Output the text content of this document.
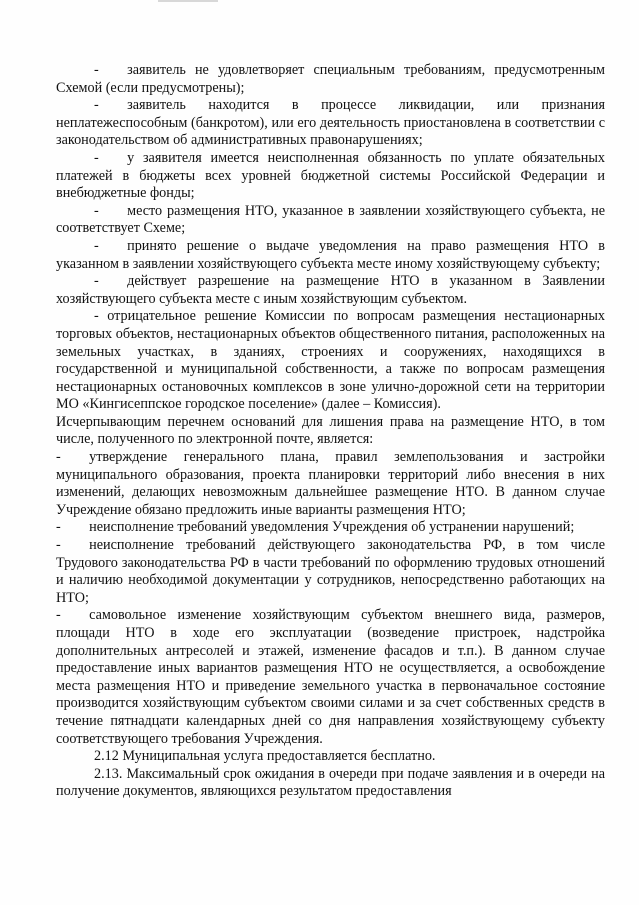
-  заявитель не удовлетворяет специальным требованиям, предусмотренным Схемой (если предусмотрены);

-  заявитель находится в процессе ликвидации, или признания неплатежеспособным (банкротом), или его деятельность приостановлена в соответствии с законодательством об административных правонарушениях;

-  у заявителя имеется неисполненная обязанность по уплате обязательных платежей в бюджеты всех уровней бюджетной системы Российской Федерации и внебюджетные фонды;

-  место размещения НТО, указанное в заявлении хозяйствующего субъекта, не соответствует Схеме;

-  принято решение о выдаче уведомления на право размещения НТО в указанном в заявлении хозяйствующего субъекта месте иному хозяйствующему субъекту;

-  действует разрешение на размещение НТО в указанном в Заявлении хозяйствующего субъекта месте с иным хозяйствующим субъектом.

- отрицательное решение Комиссии по вопросам размещения нестационарных торговых объектов, нестационарных объектов общественного питания, расположенных на земельных участках, в зданиях, строениях и сооружениях, находящихся в государственной и муниципальной собственности, а также по вопросам размещения нестационарных остановочных комплексов в зоне улично-дорожной сети на территории МО «Кингисеппское городское поселение» (далее – Комиссия).

Исчерпывающим перечнем оснований для лишения права на размещение НТО, в том числе, полученного по электронной почте, является:

-  утверждение генерального плана, правил землепользования и застройки муниципального образования, проекта планировки территорий либо внесения в них изменений, делающих невозможным дальнейшее размещение НТО. В данном случае Учреждение обязано предложить иные варианты размещения НТО;

-  неисполнение требований уведомления Учреждения об устранении нарушений;

-  неисполнение требований действующего законодательства РФ, в том числе Трудового законодательства РФ в части требований по оформлению трудовых отношений и наличию необходимой документации у сотрудников, непосредственно работающих на НТО;

-  самовольное изменение хозяйствующим субъектом внешнего вида, размеров, площади НТО в ходе его эксплуатации (возведение пристроек, надстройка дополнительных антресолей и этажей, изменение фасадов и т.п.). В данном случае предоставление иных вариантов размещения НТО не осуществляется, а освобождение места размещения НТО и приведение земельного участка в первоначальное состояние производится хозяйствующим субъектом своими силами и за счет собственных средств в течение пятнадцати календарных дней со дня направления хозяйствующему субъекту соответствующего требования Учреждения.

2.12 Муниципальная услуга предоставляется бесплатно.

2.13. Максимальный срок ожидания в очереди при подаче заявления и в очереди на получение документов, являющихся результатом предоставления
